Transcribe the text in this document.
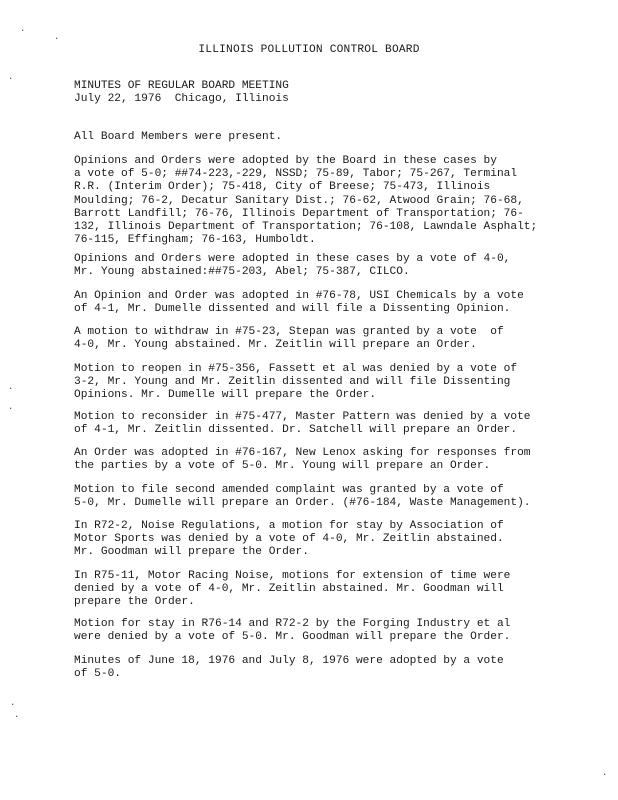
·
·
·
·
·
·
·
·
ILLINOIS POLLUTION CONTROL BOARD
MINUTES OF REGULAR BOARD MEETING
July 22, 1976  Chicago, Illinois
All Board Members were present.
Opinions and Orders were adopted by the Board in these cases by
a vote of 5-0; ##74-223,-229, NSSD; 75-89, Tabor; 75-267, Terminal
R.R. (Interim Order); 75-418, City of Breese; 75-473, Illinois
Moulding; 76-2, Decatur Sanitary Dist.; 76-62, Atwood Grain; 76-68,
Barrott Landfill; 76-76, Illinois Department of Transportation; 76-
132, Illinois Department of Transportation; 76-108, Lawndale Asphalt;
76-115, Effingham; 76-163, Humboldt.
Opinions and Orders were adopted in these cases by a vote of 4-0,
Mr. Young abstained:##75-203, Abel; 75-387, CILCO.
An Opinion and Order was adopted in #76-78, USI Chemicals by a vote
of 4-1, Mr. Dumelle dissented and will file a Dissenting Opinion.
A motion to withdraw in #75-23, Stepan was granted by a vote  of
4-0, Mr. Young abstained. Mr. Zeitlin will prepare an Order.
Motion to reopen in #75-356, Fassett et al was denied by a vote of
3-2, Mr. Young and Mr. Zeitlin dissented and will file Dissenting
Opinions. Mr. Dumelle will prepare the Order.
Motion to reconsider in #75-477, Master Pattern was denied by a vote
of 4-1, Mr. Zeitlin dissented. Dr. Satchell will prepare an Order.
An Order was adopted in #76-167, New Lenox asking for responses from
the parties by a vote of 5-0. Mr. Young will prepare an Order.
Motion to file second amended complaint was granted by a vote of
5-0, Mr. Dumelle will prepare an Order. (#76-184, Waste Management).
In R72-2, Noise Regulations, a motion for stay by Association of
Motor Sports was denied by a vote of 4-0, Mr. Zeitlin abstained.
Mr. Goodman will prepare the Order.
In R75-11, Motor Racing Noise, motions for extension of time were
denied by a vote of 4-0, Mr. Zeitlin abstained. Mr. Goodman will
prepare the Order.
Motion for stay in R76-14 and R72-2 by the Forging Industry et al
were denied by a vote of 5-0. Mr. Goodman will prepare the Order.
Minutes of June 18, 1976 and July 8, 1976 were adopted by a vote
of 5-0.
